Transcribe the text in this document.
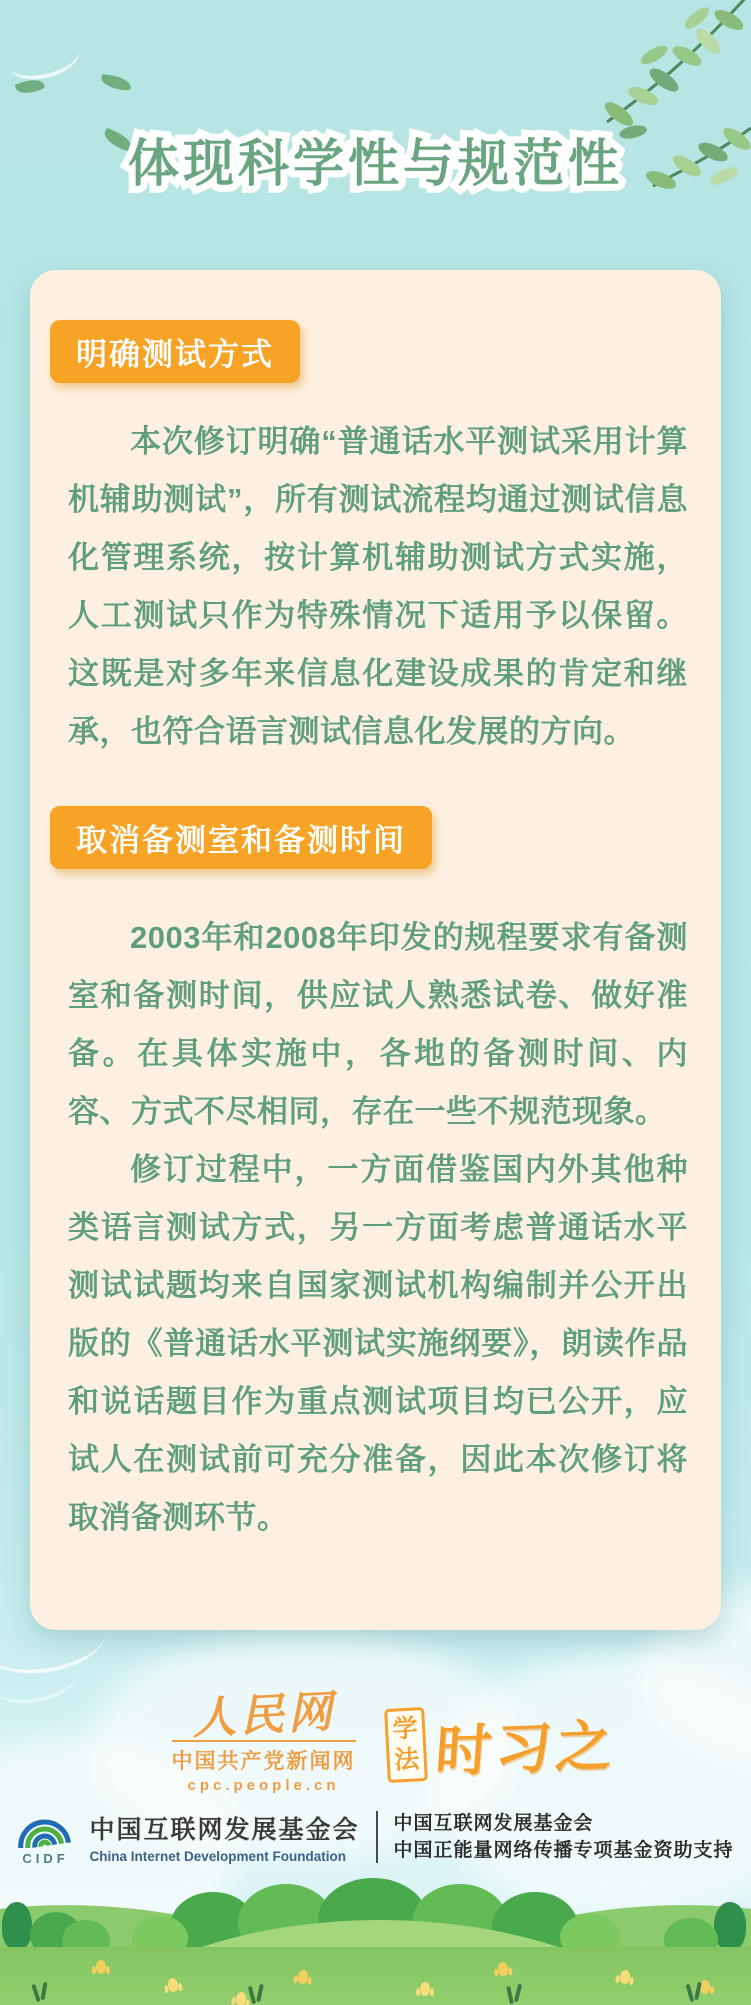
体现科学性与规范性 体现科学性与规范性
明确测试方式

本次修订明确“普通话水平测试采用计算机辅助测试”，所有测试流程均通过测试信息化管理系统，按计算机辅助测试方式实施，人工测试只作为特殊情况下适用予以保留。这既是对多年来信息化建设成果的肯定和继承，也符合语言测试信息化发展的方向。

取消备测室和备测时间

2003年和2008年印发的规程要求有备测室和备测时间，供应试人熟悉试卷、做好准备。在具体实施中，各地的备测时间、内容、方式不尽相同，存在一些不规范现象。

修订过程中，一方面借鉴国内外其他种类语言测试方式，另一方面考虑普通话水平测试试题均来自国家测试机构编制并公开出版的《普通话水平测试实施纲要》，朗读作品和说话题目作为重点测试项目均已公开，应试人在测试前可充分准备，因此本次修订将取消备测环节。

人民网
中国共产党新闻网
cpc.people.cn
学
法 时习之
CIDF
中国互联网发展基金会
China Internet Development Foundation
中国互联网发展基金会
中国正能量网络传播专项基金资助支持
